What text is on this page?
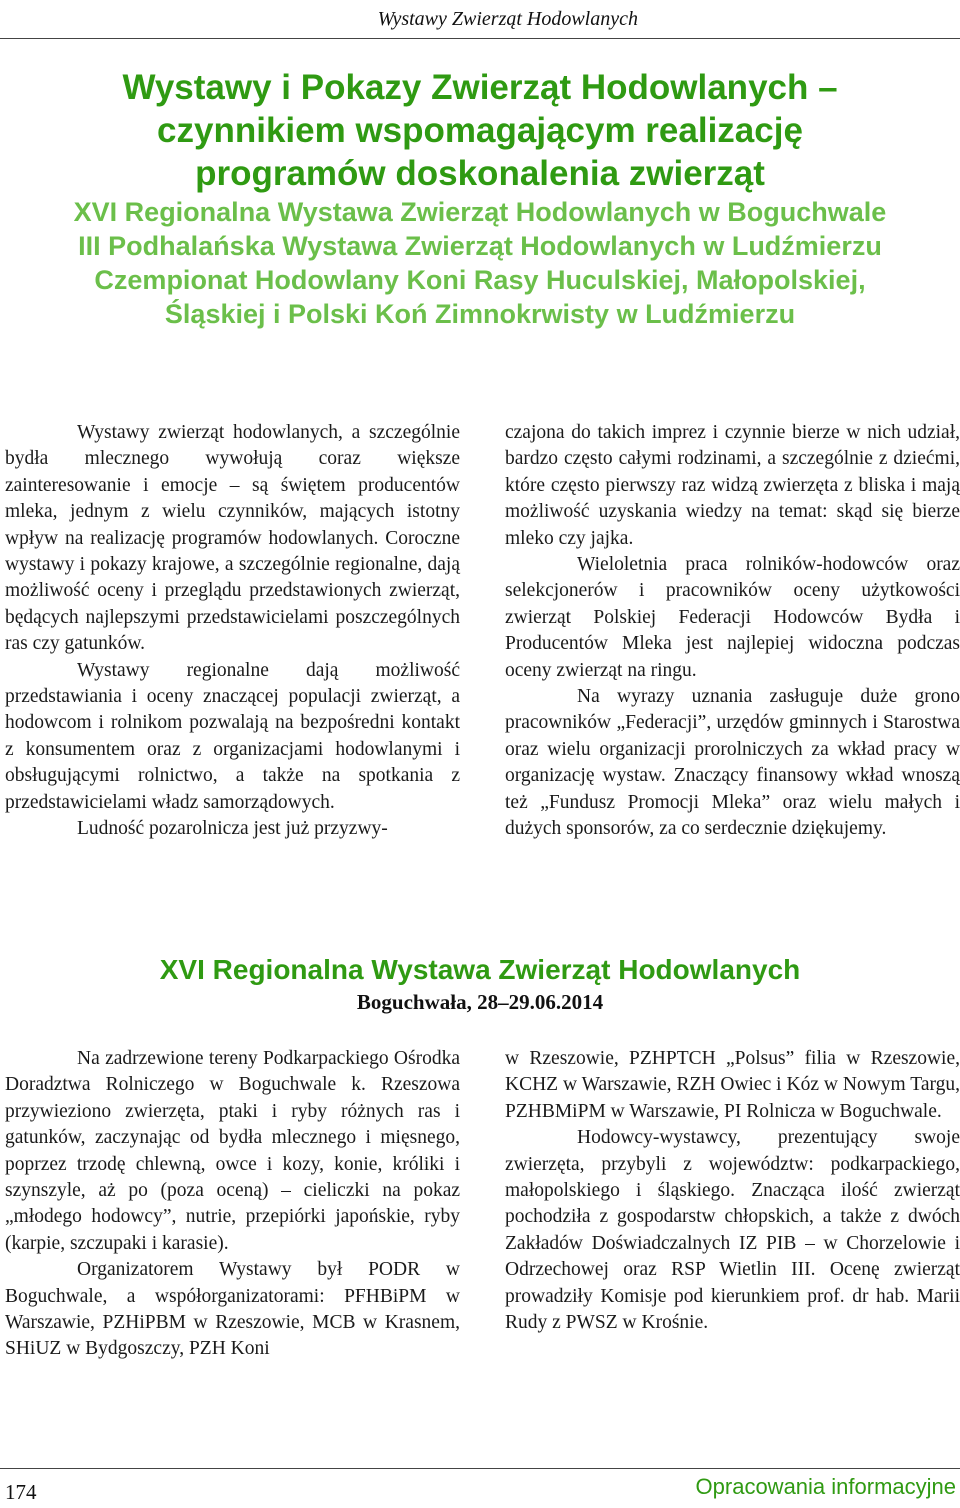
Wystawy Zwierząt Hodowlanych

Wystawy i Pokazy Zwierząt Hodowlanych –

czynnikiem wspomagającym realizację

programów doskonalenia zwierząt

XVI Regionalna Wystawa Zwierząt Hodowlanych w Boguchwale

III Podhalańska Wystawa Zwierząt Hodowlanych w Ludźmierzu

Czempionat Hodowlany Koni Rasy Huculskiej, Małopolskiej,

Śląskiej i Polski Koń Zimnokrwisty w Ludźmierzu

Wystawy zwierząt hodowlanych, a szczególnie bydła mlecznego wywołują coraz większe zainteresowanie i emocje – są świętem producentów mleka, jednym z wielu czynników, mających istotny wpływ na realizację programów hodowlanych. Coroczne wystawy i pokazy krajowe, a szczególnie regionalne, dają możliwość oceny i przeglądu przedstawionych zwierząt, będących najlepszymi przedstawicielami poszczególnych ras czy gatunków.

Wystawy regionalne dają możliwość przedstawiania i oceny znaczącej populacji zwierząt, a hodowcom i rolnikom pozwalają na bezpośredni kontakt z konsumentem oraz z organizacjami hodowlanymi i obsługującymi rolnictwo, a także na spotkania z przedstawicielami władz samorządowych.

Ludność pozarolnicza jest już przyzwy-

czajona do takich imprez i czynnie bierze w nich udział, bardzo często całymi rodzinami, a szczególnie z dziećmi, które często pierwszy raz widzą zwierzęta z bliska i mają możliwość uzyskania wiedzy na temat: skąd się bierze mleko czy jajka.

Wieloletnia praca rolników-hodowców oraz selekcjonerów i pracowników oceny użytkowości zwierząt Polskiej Federacji Hodowców Bydła i Producentów Mleka jest najlepiej widoczna podczas oceny zwierząt na ringu.

Na wyrazy uznania zasługuje duże grono pracowników „Federacji”, urzędów gminnych i Starostwa oraz wielu organizacji prorolniczych za wkład pracy w organizację wystaw. Znaczący finansowy wkład wnoszą też „Fundusz Promocji Mleka” oraz wielu małych i dużych sponsorów, za co serdecznie dziękujemy.

XVI Regionalna Wystawa Zwierząt Hodowlanych
Boguchwała, 28–29.06.2014

Na zadrzewione tereny Podkarpackiego Ośrodka Doradztwa Rolniczego w Boguchwale k. Rzeszowa przywieziono zwierzęta, ptaki i ryby różnych ras i gatunków, zaczynając od bydła mlecznego i mięsnego, poprzez trzodę chlewną, owce i kozy, konie, króliki i szynszyle, aż po (poza oceną) – cieliczki na pokaz „młodego hodowcy”, nutrie, przepiórki japońskie, ryby (karpie, szczupaki i karasie).

Organizatorem Wystawy był PODR w Boguchwale, a współorganizatorami: PFHBiPM w Warszawie, PZHiPBM w Rzeszowie, MCB w Krasnem, SHiUZ w Bydgoszczy, PZH Koni

w Rzeszowie, PZHPTCH „Polsus” filia w Rzeszowie, KCHZ w Warszawie, RZH Owiec i Kóz w Nowym Targu, PZHBMiPM w Warszawie, PI Rolnicza w Boguchwale.

Hodowcy-wystawcy, prezentujący swoje zwierzęta, przybyli z województw: podkarpackiego, małopolskiego i śląskiego. Znacząca ilość zwierząt pochodziła z gospodarstw chłopskich, a także z dwóch Zakładów Doświadczalnych IZ PIB – w Chorzelowie i Odrzechowej oraz RSP Wietlin III. Ocenę zwierząt prowadziły Komisje pod kierunkiem prof. dr hab. Marii Rudy z PWSZ w Krośnie.

174	Opracowania informacyjne
